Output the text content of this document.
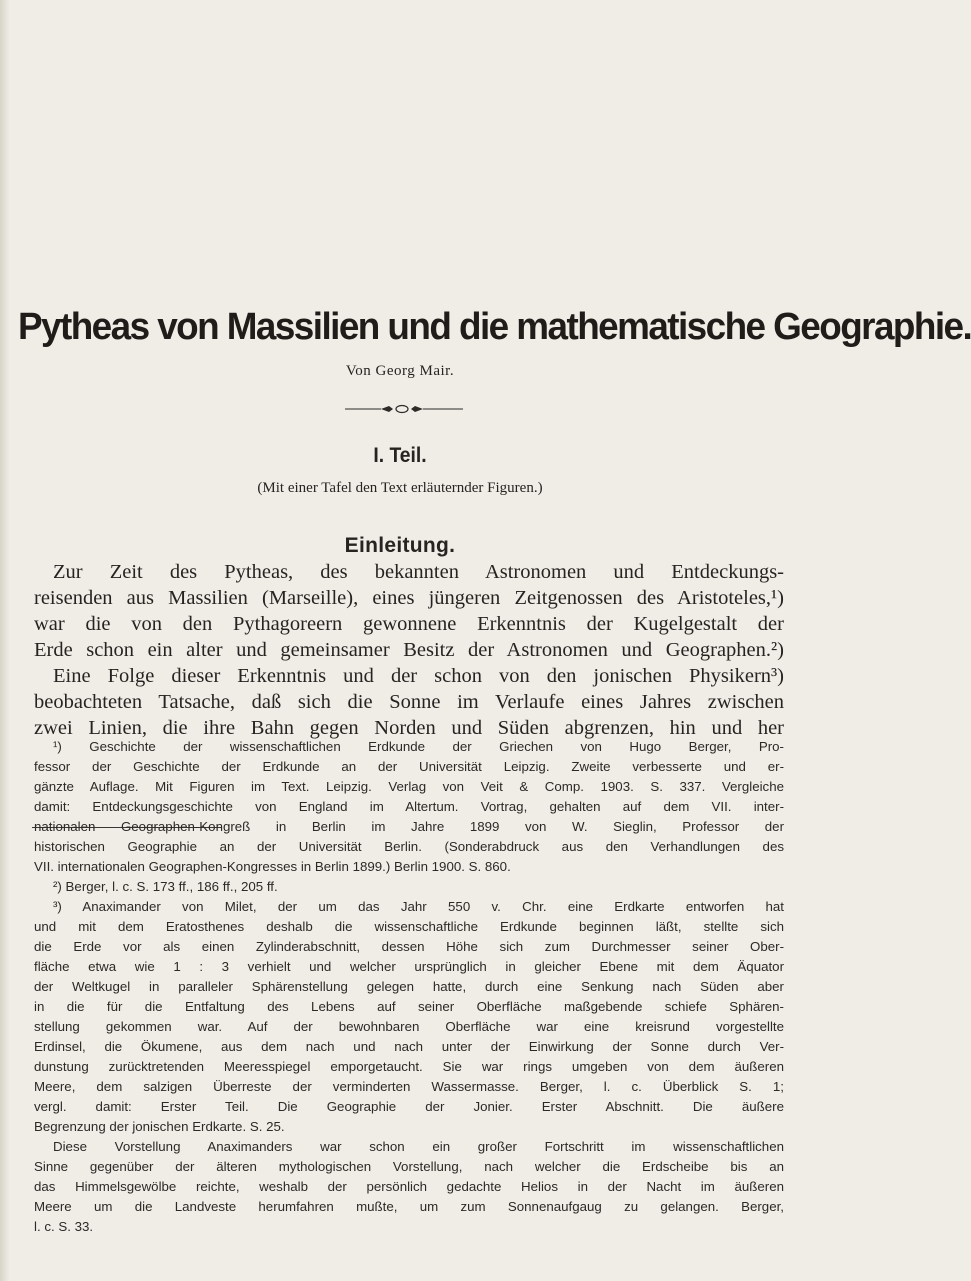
Pytheas von Massilien und die mathematische Geographie.
Von Georg Mair.
I. Teil.
(Mit einer Tafel den Text erläuternder Figuren.)
Einleitung.
Zur Zeit des Pytheas, des bekannten Astronomen und Entdeckungs-
reisenden aus Massilien (Marseille), eines jüngeren Zeitgenossen des Aristoteles,¹)
war die von den Pythagoreern gewonnene Erkenntnis der Kugelgestalt der
Erde schon ein alter und gemeinsamer Besitz der Astronomen und Geographen.²)
Eine Folge dieser Erkenntnis und der schon von den jonischen Physikern³)
beobachteten Tatsache, daß sich die Sonne im Verlaufe eines Jahres zwischen
zwei Linien, die ihre Bahn gegen Norden und Süden abgrenzen, hin und her
¹) Geschichte der wissenschaftlichen Erdkunde der Griechen von Hugo Berger, Pro-
fessor der Geschichte der Erdkunde an der Universität Leipzig. Zweite verbesserte und er-
gänzte Auflage. Mit Figuren im Text. Leipzig. Verlag von Veit & Comp. 1903. S. 337. Vergleiche
damit: Entdeckungsgeschichte von England im Altertum. Vortrag, gehalten auf dem VII. inter-
nationalen Geographen-Kongreß in Berlin im Jahre 1899 von W. Sieglin, Professor der
historischen Geographie an der Universität Berlin. (Sonderabdruck aus den Verhandlungen des
VII. internationalen Geographen-Kongresses in Berlin 1899.) Berlin 1900. S. 860.
²) Berger, l. c. S. 173 ff., 186 ff., 205 ff.
³) Anaximander von Milet, der um das Jahr 550 v. Chr. eine Erdkarte entworfen hat
und mit dem Eratosthenes deshalb die wissenschaftliche Erdkunde beginnen läßt, stellte sich
die Erde vor als einen Zylinderabschnitt, dessen Höhe sich zum Durchmesser seiner Ober-
fläche etwa wie 1 : 3 verhielt und welcher ursprünglich in gleicher Ebene mit dem Äquator
der Weltkugel in paralleler Sphärenstellung gelegen hatte, durch eine Senkung nach Süden aber
in die für die Entfaltung des Lebens auf seiner Oberfläche maßgebende schiefe Sphären-
stellung gekommen war. Auf der bewohnbaren Oberfläche war eine kreisrund vorgestellte
Erdinsel, die Ökumene, aus dem nach und nach unter der Einwirkung der Sonne durch Ver-
dunstung zurücktretenden Meeresspiegel emporgetaucht. Sie war rings umgeben von dem äußeren
Meere, dem salzigen Überreste der verminderten Wassermasse. Berger, l. c. Überblick S. 1;
vergl. damit: Erster Teil. Die Geographie der Jonier. Erster Abschnitt. Die äußere
Begrenzung der jonischen Erdkarte. S. 25.
Diese Vorstellung Anaximanders war schon ein großer Fortschritt im wissenschaftlichen
Sinne gegenüber der älteren mythologischen Vorstellung, nach welcher die Erdscheibe bis an
das Himmelsgewölbe reichte, weshalb der persönlich gedachte Helios in der Nacht im äußeren
Meere um die Landveste herumfahren mußte, um zum Sonnenaufgaug zu gelangen. Berger,
l. c. S. 33.
